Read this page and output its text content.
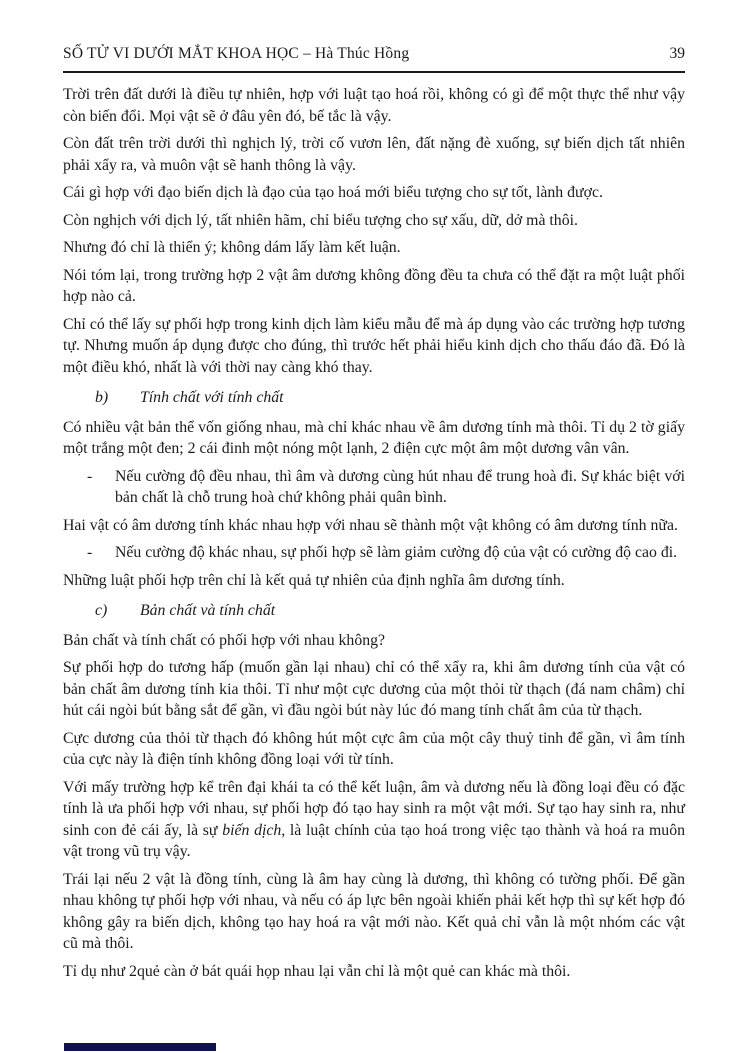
SỐ TỬ VI DƯỚI MẮT KHOA HỌC – Hà Thúc Hồng	39

Trời trên đất dưới là điều tự nhiên, hợp với luật tạo hoá rồi, không có gì để một thực thể như vậy còn biến đổi. Mọi vật sẽ ở đâu yên đó, bế tắc là vậy.

Còn đất trên trời dưới thì nghịch lý, trời cố vươn lên, đất nặng đè xuống, sự biến dịch tất nhiên phải xẩy ra, và muôn vật sẽ hanh thông là vậy.

Cái gì hợp với đạo biến dịch là đạo của tạo hoá mới biểu tượng cho sự tốt, lành được.

Còn nghịch với dịch lý, tất nhiên hãm, chỉ biểu tượng cho sự xấu, dữ, dở mà thôi.

Nhưng đó chỉ là thiển ý; không dám lấy làm kết luận.

Nói tóm lại, trong trường hợp 2 vật âm dương không đồng đều ta chưa có thể đặt ra một luật phối hợp nào cả.

Chỉ có thể lấy sự phối hợp trong kinh dịch làm kiểu mẫu để mà áp dụng vào các trường hợp tương tự. Nhưng muốn áp dụng được cho đúng, thì trước hết phải hiểu kinh dịch cho thấu đáo đã. Đó là một điều khó, nhất là với thời nay càng khó thay.

b) Tính chất với tính chất

Có nhiều vật bản thể vốn giống nhau, mà chỉ khác nhau về âm dương tính mà thôi. Tỉ dụ 2 tờ giấy một trắng một đen; 2 cái đinh một nóng một lạnh, 2 điện cực một âm một dương vân vân.

- Nếu cường độ đều nhau, thì âm và dương cùng hút nhau để trung hoà đi. Sự khác biệt với bản chất là chỗ trung hoà chứ không phải quân bình.

Hai vật có âm dương tính khác nhau hợp với nhau sẽ thành một vật không có âm dương tính nữa.

- Nếu cường độ khác nhau, sự phối hợp sẽ làm giảm cường độ của vật có cường độ cao đi.

Những luật phối hợp trên chỉ là kết quả tự nhiên của định nghĩa âm dương tính.

c) Bản chất và tính chất

Bản chất và tính chất có phối hợp với nhau không?

Sự phối hợp do tương hấp (muốn gần lại nhau) chỉ có thể xẩy ra, khi âm dương tính của vật có bản chất âm dương tính kia thôi. Tỉ như một cực dương của một thỏi từ thạch (đá nam châm) chỉ hút cái ngòi bút bằng sắt để gần, vì đầu ngòi bút này lúc đó mang tính chất âm của từ thạch.

Cực dương của thỏi từ thạch đó không hút một cực âm của một cây thuỷ tinh để gần, vì âm tính của cực này là điện tính không đồng loại với từ tính.

Với mấy trường hợp kể trên đại khái ta có thể kết luận, âm và dương nếu là đồng loại đều có đặc tính là ưa phối hợp với nhau, sự phối hợp đó tạo hay sinh ra một vật mới. Sự tạo hay sinh ra, như sinh con đẻ cái ấy, là sự biến dịch, là luật chính của tạo hoá trong việc tạo thành và hoá ra muôn vật trong vũ trụ vậy.

Trái lại nếu 2 vật là đồng tính, cùng là âm hay cùng là dương, thì không có tường phối. Để gần nhau không tự phối hợp với nhau, và nếu có áp lực bên ngoài khiến phải kết hợp thì sự kết hợp đó không gây ra biến dịch, không tạo hay hoá ra vật mới nào. Kết quả chỉ vẫn là một nhóm các vật cũ mà thôi.

Tỉ dụ như 2quẻ càn ở bát quái họp nhau lại vẫn chỉ là một quẻ can khác mà thôi.
